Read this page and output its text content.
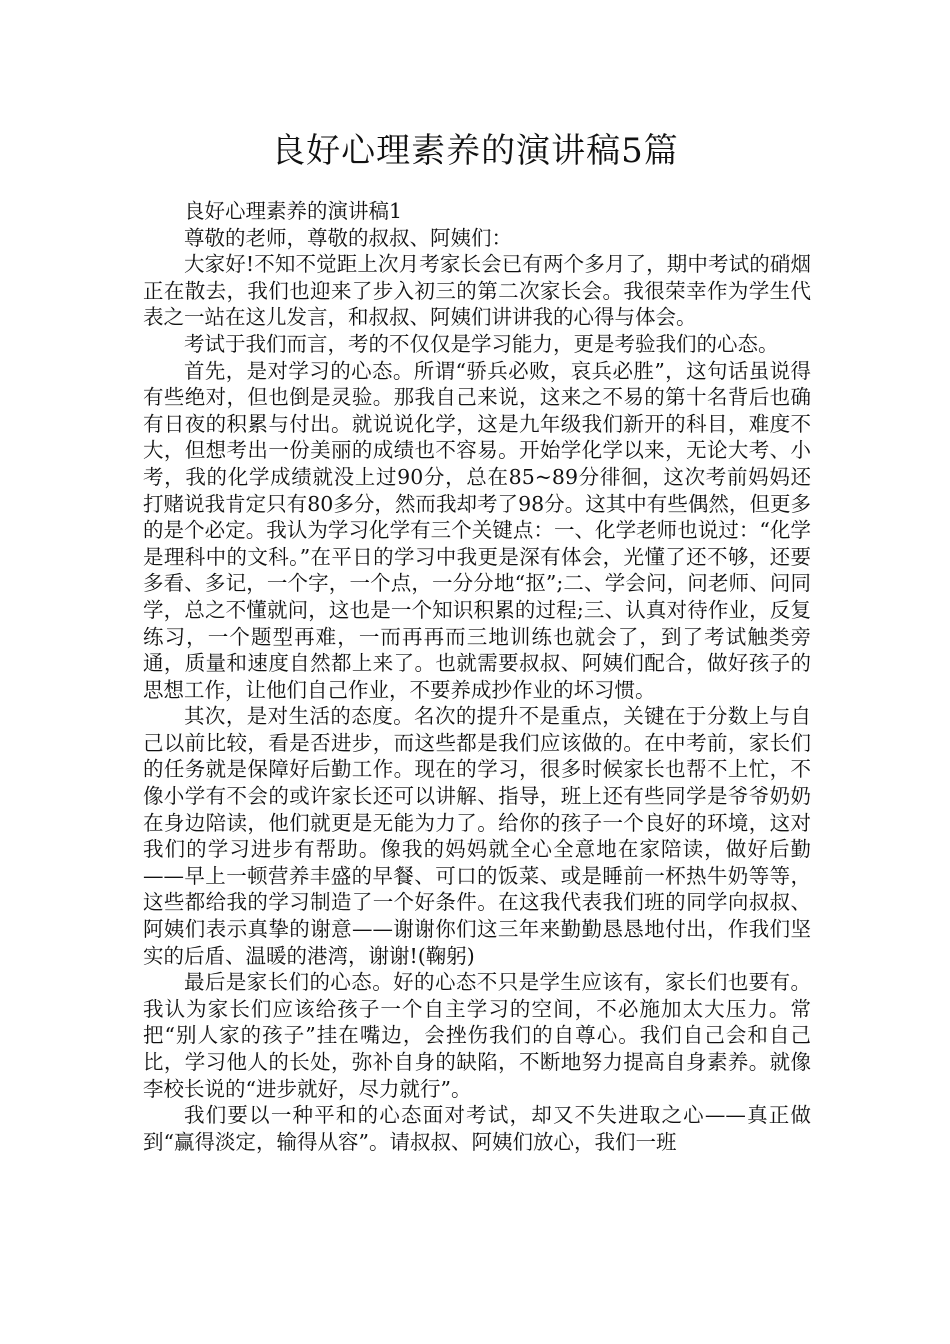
良好心理素养的演讲稿5篇

良好心理素养的演讲稿1

尊敬的老师，尊敬的叔叔、阿姨们：

大家好!不知不觉距上次月考家长会已有两个多月了，期中考试的硝烟正在散去，我们也迎来了步入初三的第二次家长会。我很荣幸作为学生代表之一站在这儿发言，和叔叔、阿姨们讲讲我的心得与体会。

考试于我们而言，考的不仅仅是学习能力，更是考验我们的心态。

首先，是对学习的心态。所谓“骄兵必败，哀兵必胜”，这句话虽说得有些绝对，但也倒是灵验。那我自己来说，这来之不易的第十名背后也确有日夜的积累与付出。就说说化学，这是九年级我们新开的科目，难度不大，但想考出一份美丽的成绩也不容易。开始学化学以来，无论大考、小考，我的化学成绩就没上过90分，总在85~89分徘徊，这次考前妈妈还打赌说我肯定只有80多分，然而我却考了98分。这其中有些偶然，但更多的是个必定。我认为学习化学有三个关键点：一、化学老师也说过：“化学是理科中的文科。”在平日的学习中我更是深有体会，光懂了还不够，还要多看、多记，一个字，一个点，一分分地“抠”;二、学会问，问老师、问同学，总之不懂就问，这也是一个知识积累的过程;三、认真对待作业，反复练习，一个题型再难，一而再再而三地训练也就会了，到了考试触类旁通，质量和速度自然都上来了。也就需要叔叔、阿姨们配合，做好孩子的思想工作，让他们自己作业，不要养成抄作业的坏习惯。

其次，是对生活的态度。名次的提升不是重点，关键在于分数上与自己以前比较，看是否进步，而这些都是我们应该做的。在中考前，家长们的任务就是保障好后勤工作。现在的学习，很多时候家长也帮不上忙，不像小学有不会的或许家长还可以讲解、指导，班上还有些同学是爷爷奶奶在身边陪读，他们就更是无能为力了。给你的孩子一个良好的环境，这对我们的学习进步有帮助。像我的妈妈就全心全意地在家陪读，做好后勤——早上一顿营养丰盛的早餐、可口的饭菜、或是睡前一杯热牛奶等等，这些都给我的学习制造了一个好条件。在这我代表我们班的同学向叔叔、阿姨们表示真挚的谢意——谢谢你们这三年来勤勤恳恳地付出，作我们坚实的后盾、温暖的港湾，谢谢!(鞠躬)

最后是家长们的心态。好的心态不只是学生应该有，家长们也要有。我认为家长们应该给孩子一个自主学习的空间，不必施加太大压力。常把“别人家的孩子”挂在嘴边，会挫伤我们的自尊心。我们自己会和自己比，学习他人的长处，弥补自身的缺陷，不断地努力提高自身素养。就像李校长说的“进步就好，尽力就行”。

我们要以一种平和的心态面对考试，却又不失进取之心——真正做到“赢得淡定，输得从容”。请叔叔、阿姨们放心，我们一班
